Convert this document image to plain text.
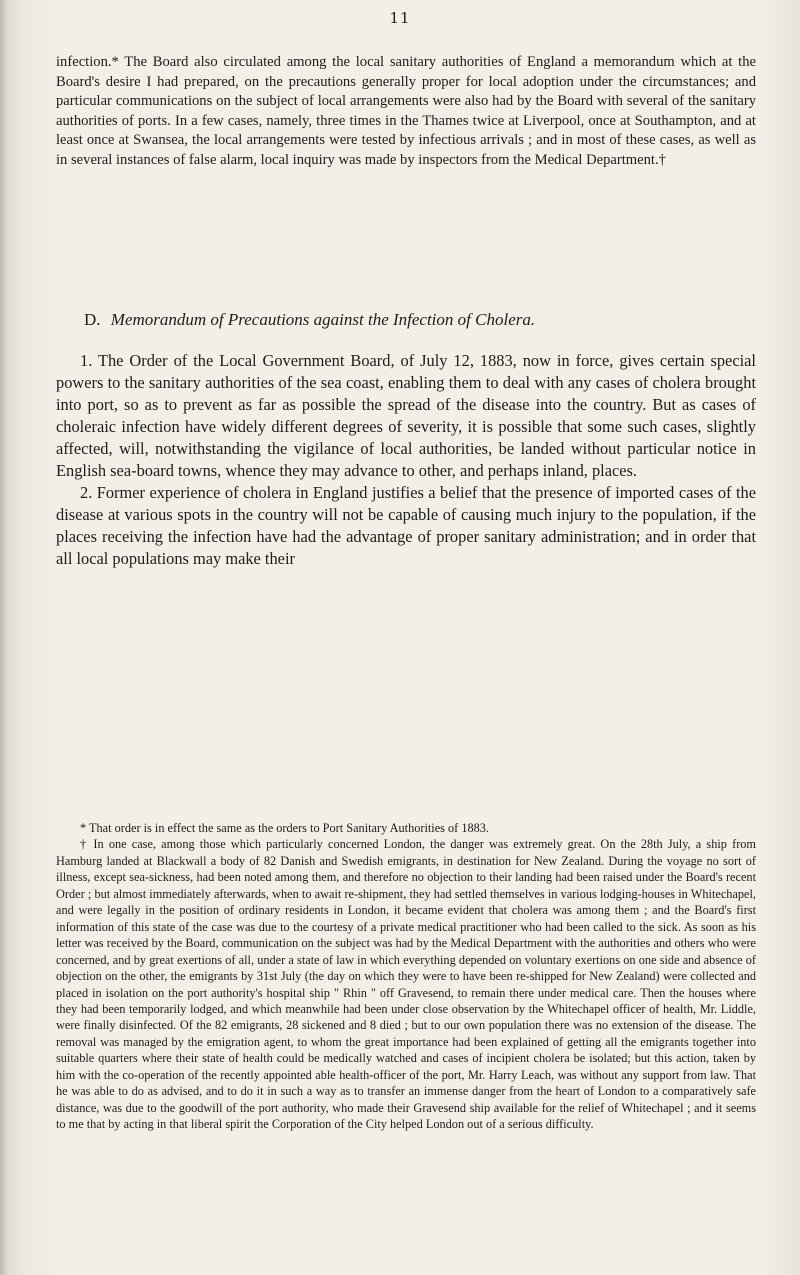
11

infection.* The Board also circulated among the local sanitary authorities of England a memorandum which at the Board's desire I had prepared, on the precautions generally proper for local adoption under the circumstances; and particular communications on the subject of local arrangements were also had by the Board with several of the sanitary authorities of ports. In a few cases, namely, three times in the Thames twice at Liverpool, once at Southampton, and at least once at Swansea, the local arrangements were tested by infectious arrivals ; and in most of these cases, as well as in several instances of false alarm, local inquiry was made by inspectors from the Medical Department.†

D. Memorandum of Precautions against the Infection of Cholera.

1. The Order of the Local Government Board, of July 12, 1883, now in force, gives certain special powers to the sanitary authorities of the sea coast, enabling them to deal with any cases of cholera brought into port, so as to prevent as far as possible the spread of the disease into the country. But as cases of choleraic infection have widely different degrees of severity, it is possible that some such cases, slightly affected, will, notwithstanding the vigilance of local authorities, be landed without particular notice in English sea-board towns, whence they may advance to other, and perhaps inland, places.

2. Former experience of cholera in England justifies a belief that the presence of imported cases of the disease at various spots in the country will not be capable of causing much injury to the population, if the places receiving the infection have had the advantage of proper sanitary administration; and in order that all local populations may make their

* That order is in effect the same as the orders to Port Sanitary Authorities of 1883.

† In one case, among those which particularly concerned London, the danger was extremely great. On the 28th July, a ship from Hamburg landed at Blackwall a body of 82 Danish and Swedish emigrants, in destination for New Zealand. During the voyage no sort of illness, except sea-sickness, had been noted among them, and therefore no objection to their landing had been raised under the Board's recent Order ; but almost immediately afterwards, when to await re-shipment, they had settled themselves in various lodging-houses in Whitechapel, and were legally in the position of ordinary residents in London, it became evident that cholera was among them ; and the Board's first information of this state of the case was due to the courtesy of a private medical practitioner who had been called to the sick. As soon as his letter was received by the Board, communication on the subject was had by the Medical Department with the authorities and others who were concerned, and by great exertions of all, under a state of law in which everything depended on voluntary exertions on one side and absence of objection on the other, the emigrants by 31st July (the day on which they were to have been re-shipped for New Zealand) were collected and placed in isolation on the port authority's hospital ship " Rhin " off Gravesend, to remain there under medical care. Then the houses where they had been temporarily lodged, and which meanwhile had been under close observation by the Whitechapel officer of health, Mr. Liddle, were finally disinfected. Of the 82 emigrants, 28 sickened and 8 died ; but to our own population there was no extension of the disease. The removal was managed by the emigration agent, to whom the great importance had been explained of getting all the emigrants together into suitable quarters where their state of health could be medically watched and cases of incipient cholera be isolated; but this action, taken by him with the co-operation of the recently appointed able health-officer of the port, Mr. Harry Leach, was without any support from law. That he was able to do as advised, and to do it in such a way as to transfer an immense danger from the heart of London to a comparatively safe distance, was due to the goodwill of the port authority, who made their Gravesend ship available for the relief of Whitechapel ; and it seems to me that by acting in that liberal spirit the Corporation of the City helped London out of a serious difficulty.
